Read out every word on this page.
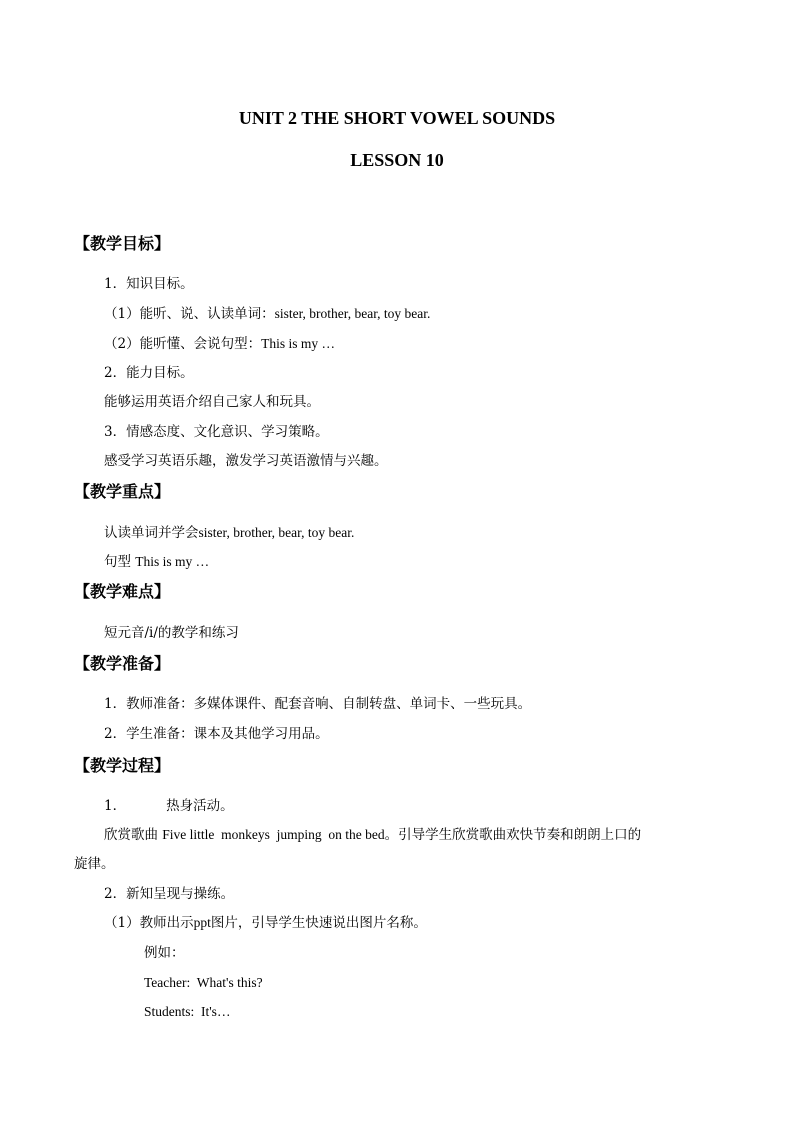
UNIT 2 THE SHORT VOWEL SOUNDS
LESSON 10
【教学目标】
1．知识目标。
（1）能听、说、认读单词：sister, brother, bear, toy bear.
（2）能听懂、会说句型：This is my …
2．能力目标。
能够运用英语介绍自己家人和玩具。
3．情感态度、文化意识、学习策略。
感受学习英语乐趣，激发学习英语激情与兴趣。
【教学重点】
认读单词并学会sister, brother, bear, toy bear.
句型 This is my …
【教学难点】
短元音/i/的教学和练习
【教学准备】
1．教师准备：多媒体课件、配套音响、自制转盘、单词卡、一些玩具。
2．学生准备：课本及其他学习用品。
【教学过程】
1．	热身活动。
欣赏歌曲 Five little  monkeys  jumping  on the bed。引导学生欣赏歌曲欢快节奏和朗朗上口的
旋律。
2．新知呈现与操练。
（1）教师出示ppt图片，引导学生快速说出图片名称。
例如：
Teacher:  What's this?
Students:  It's…
